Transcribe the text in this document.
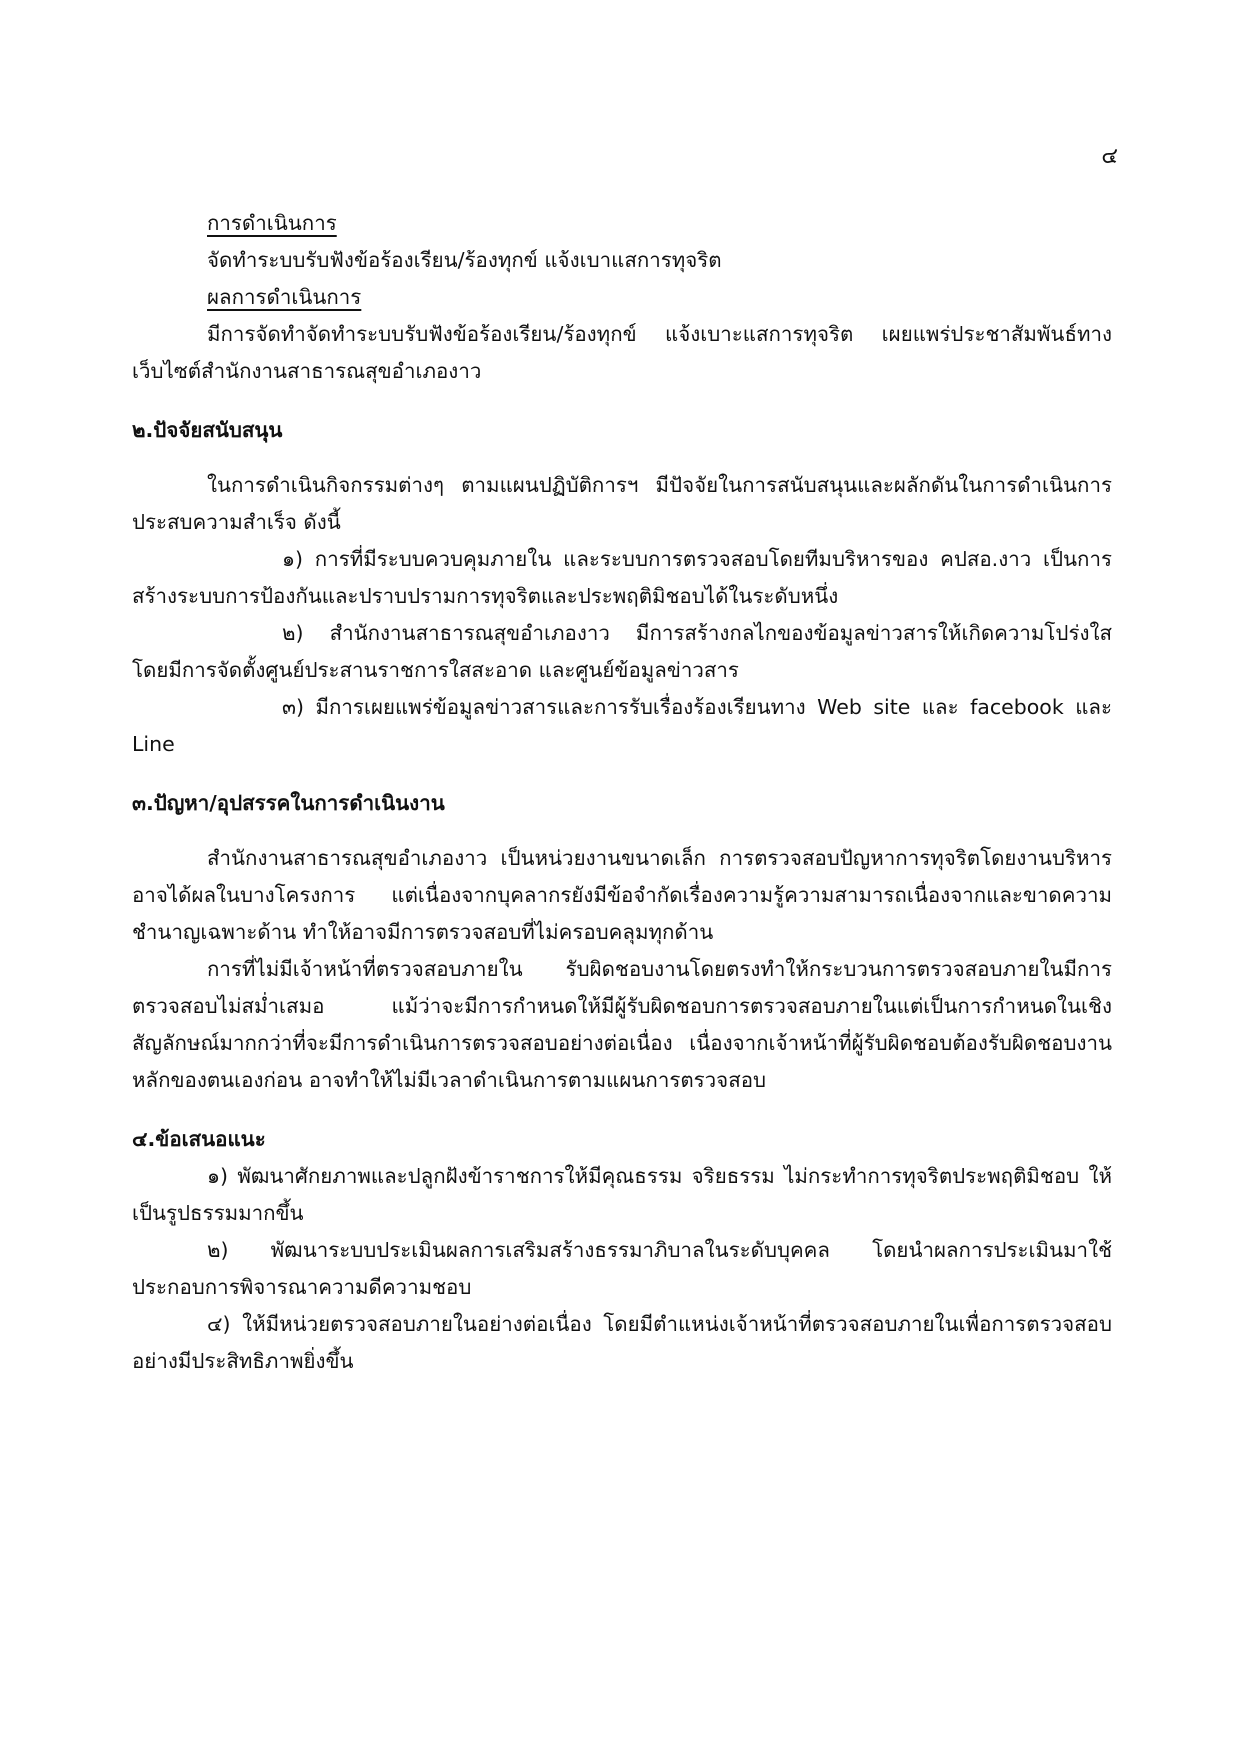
๔
การดำเนินการ

จัดทำระบบรับฟังข้อร้องเรียน/ร้องทุกข์ แจ้งเบาแสการทุจริต

ผลการดำเนินการ

มีการจัดทำจัดทำระบบรับฟังข้อร้องเรียน/ร้องทุกข์ แจ้งเบาะแสการทุจริต เผยแพร่ประชาสัมพันธ์ทางเว็บไซต์สำนักงานสาธารณสุขอำเภองาว

๒.ปัจจัยสนับสนุน

ในการดำเนินกิจกรรมต่างๆ ตามแผนปฏิบัติการฯ มีปัจจัยในการสนับสนุนและผลักดันในการดำเนินการประสบความสำเร็จ ดังนี้

๑) การที่มีระบบควบคุมภายใน และระบบการตรวจสอบโดยทีมบริหารของ คปสอ.งาว เป็นการสร้างระบบการป้องกันและปราบปรามการทุจริตและประพฤติมิชอบได้ในระดับหนึ่ง

๒) สำนักงานสาธารณสุขอำเภองาว มีการสร้างกลไกของข้อมูลข่าวสารให้เกิดความโปร่งใส โดยมีการจัดตั้งศูนย์ประสานราชการใสสะอาด และศูนย์ข้อมูลข่าวสาร

๓) มีการเผยแพร่ข้อมูลข่าวสารและการรับเรื่องร้องเรียนทาง Web site และ facebook และ Line

๓.ปัญหา/อุปสรรคในการดำเนินงาน

สำนักงานสาธารณสุขอำเภองาว เป็นหน่วยงานขนาดเล็ก การตรวจสอบปัญหาการทุจริตโดยงานบริหารอาจได้ผลในบางโครงการ แต่เนื่องจากบุคลากรยังมีข้อจำกัดเรื่องความรู้ความสามารถเนื่องจากและขาดความชำนาญเฉพาะด้าน ทำให้อาจมีการตรวจสอบที่ไม่ครอบคลุมทุกด้าน

การที่ไม่มีเจ้าหน้าที่ตรวจสอบภายใน รับผิดชอบงานโดยตรงทำให้กระบวนการตรวจสอบภายในมีการตรวจสอบไม่สม่ำเสมอ แม้ว่าจะมีการกำหนดให้มีผู้รับผิดชอบการตรวจสอบภายในแต่เป็นการกำหนดในเชิงสัญลักษณ์มากกว่าที่จะมีการดำเนินการตรวจสอบอย่างต่อเนื่อง เนื่องจากเจ้าหน้าที่ผู้รับผิดชอบต้องรับผิดชอบงานหลักของตนเองก่อน อาจทำให้ไม่มีเวลาดำเนินการตามแผนการตรวจสอบ

๔.ข้อเสนอแนะ

๑) พัฒนาศักยภาพและปลูกฝังข้าราชการให้มีคุณธรรม จริยธรรม ไม่กระทำการทุจริตประพฤติมิชอบ ให้เป็นรูปธรรมมากขึ้น

๒) พัฒนาระบบประเมินผลการเสริมสร้างธรรมาภิบาลในระดับบุคคล โดยนำผลการประเมินมาใช้ประกอบการพิจารณาความดีความชอบ

๔) ให้มีหน่วยตรวจสอบภายในอย่างต่อเนื่อง โดยมีตำแหน่งเจ้าหน้าที่ตรวจสอบภายในเพื่อการตรวจสอบอย่างมีประสิทธิภาพยิ่งขึ้น
